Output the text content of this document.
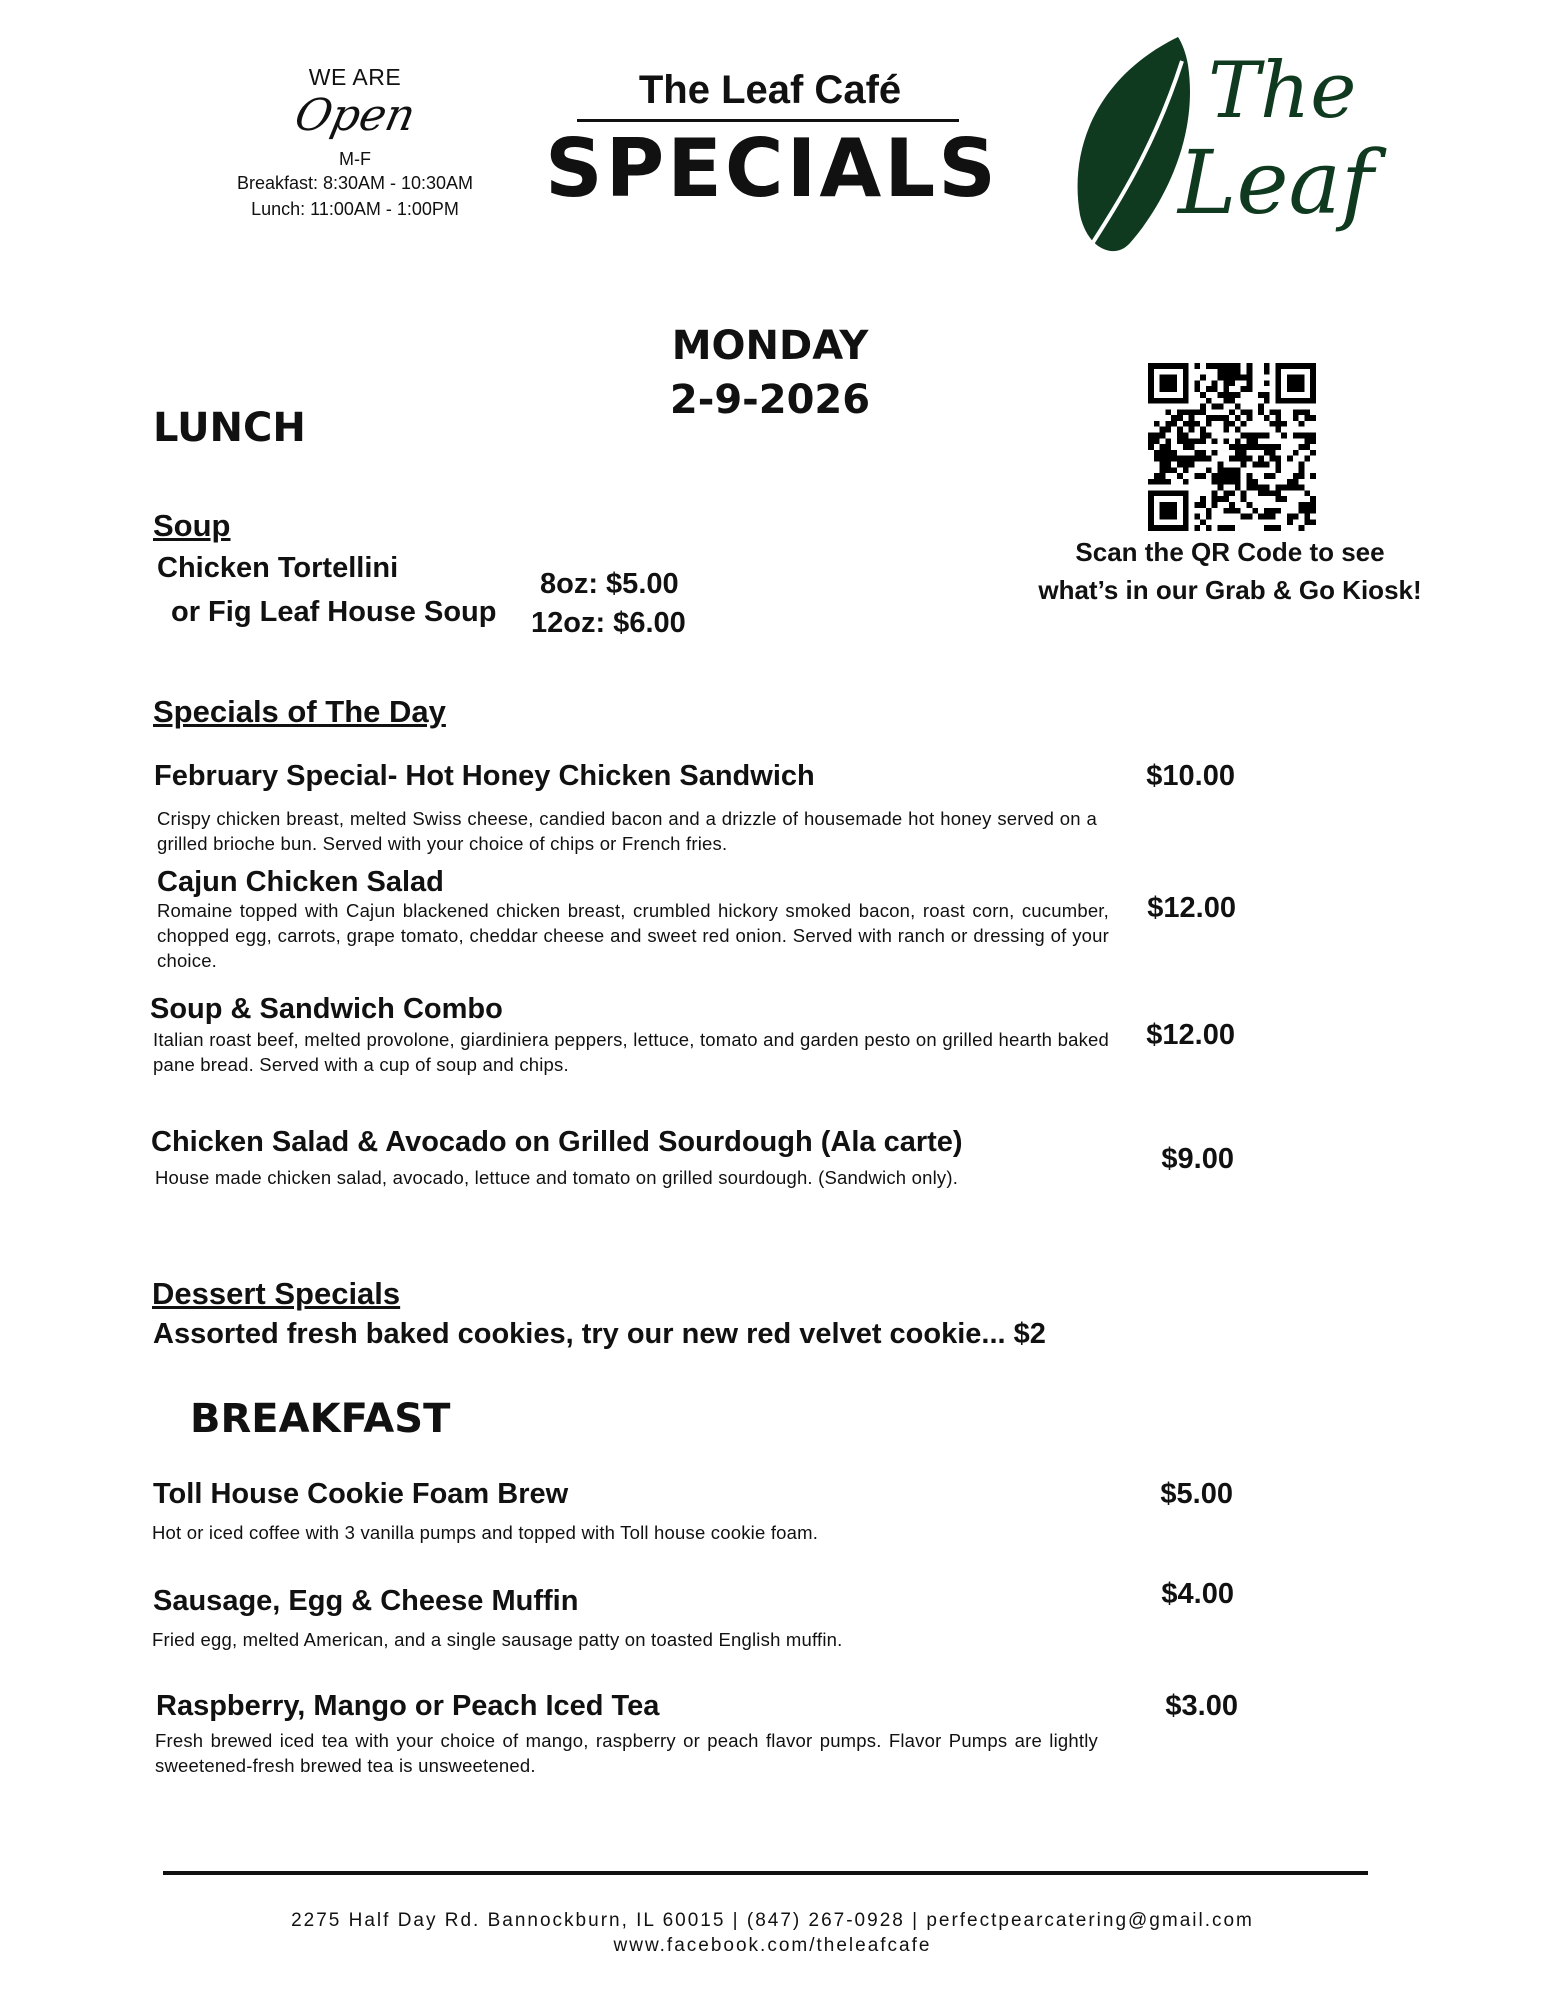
WE ARE
Open
M-F
Breakfast: 8:30AM - 10:30AM
Lunch: 11:00AM - 1:00PM
The Leaf Café
SPECIALS
The
Leaf
MONDAY
2-9-2026
Scan the QR Code to see
what’s in our Grab & Go Kiosk!
LUNCH
Soup
Chicken Tortellini
or Fig Leaf House Soup
8oz: $5.00
12oz: $6.00
Specials of The Day
February Special- Hot Honey Chicken Sandwich
Crispy chicken breast, melted Swiss cheese, candied bacon and a drizzle of housemade hot honey served on a grilled brioche bun. Served with your choice of chips or French fries.
$10.00
Cajun Chicken Salad
Romaine topped with Cajun blackened chicken breast, crumbled hickory smoked bacon, roast corn, cucumber, chopped egg, carrots, grape tomato, cheddar cheese and sweet red onion. Served with ranch or dressing of your choice.
$12.00
Soup & Sandwich Combo
Italian roast beef, melted provolone, giardiniera peppers, lettuce, tomato and garden pesto on grilled hearth baked pane bread. Served with a cup of soup and chips.
$12.00
Chicken Salad & Avocado on Grilled Sourdough (Ala carte)
House made chicken salad, avocado, lettuce and tomato on grilled sourdough. (Sandwich only).
$9.00
Dessert Specials
Assorted fresh baked cookies, try our new red velvet cookie... $2
BREAKFAST
Toll House Cookie Foam Brew
Hot or iced coffee with 3 vanilla pumps and topped with Toll house cookie foam.
$5.00
Sausage, Egg & Cheese Muffin
Fried egg, melted American, and a single sausage patty on toasted English muffin.
$4.00
Raspberry, Mango or Peach Iced Tea
Fresh brewed iced tea with your choice of mango, raspberry or peach flavor pumps. Flavor Pumps are lightly sweetened-fresh brewed tea is unsweetened.
$3.00
2275 Half Day Rd. Bannockburn, IL 60015 | (847) 267-0928 | perfectpearcatering@gmail.com
www.facebook.com/theleafcafe
